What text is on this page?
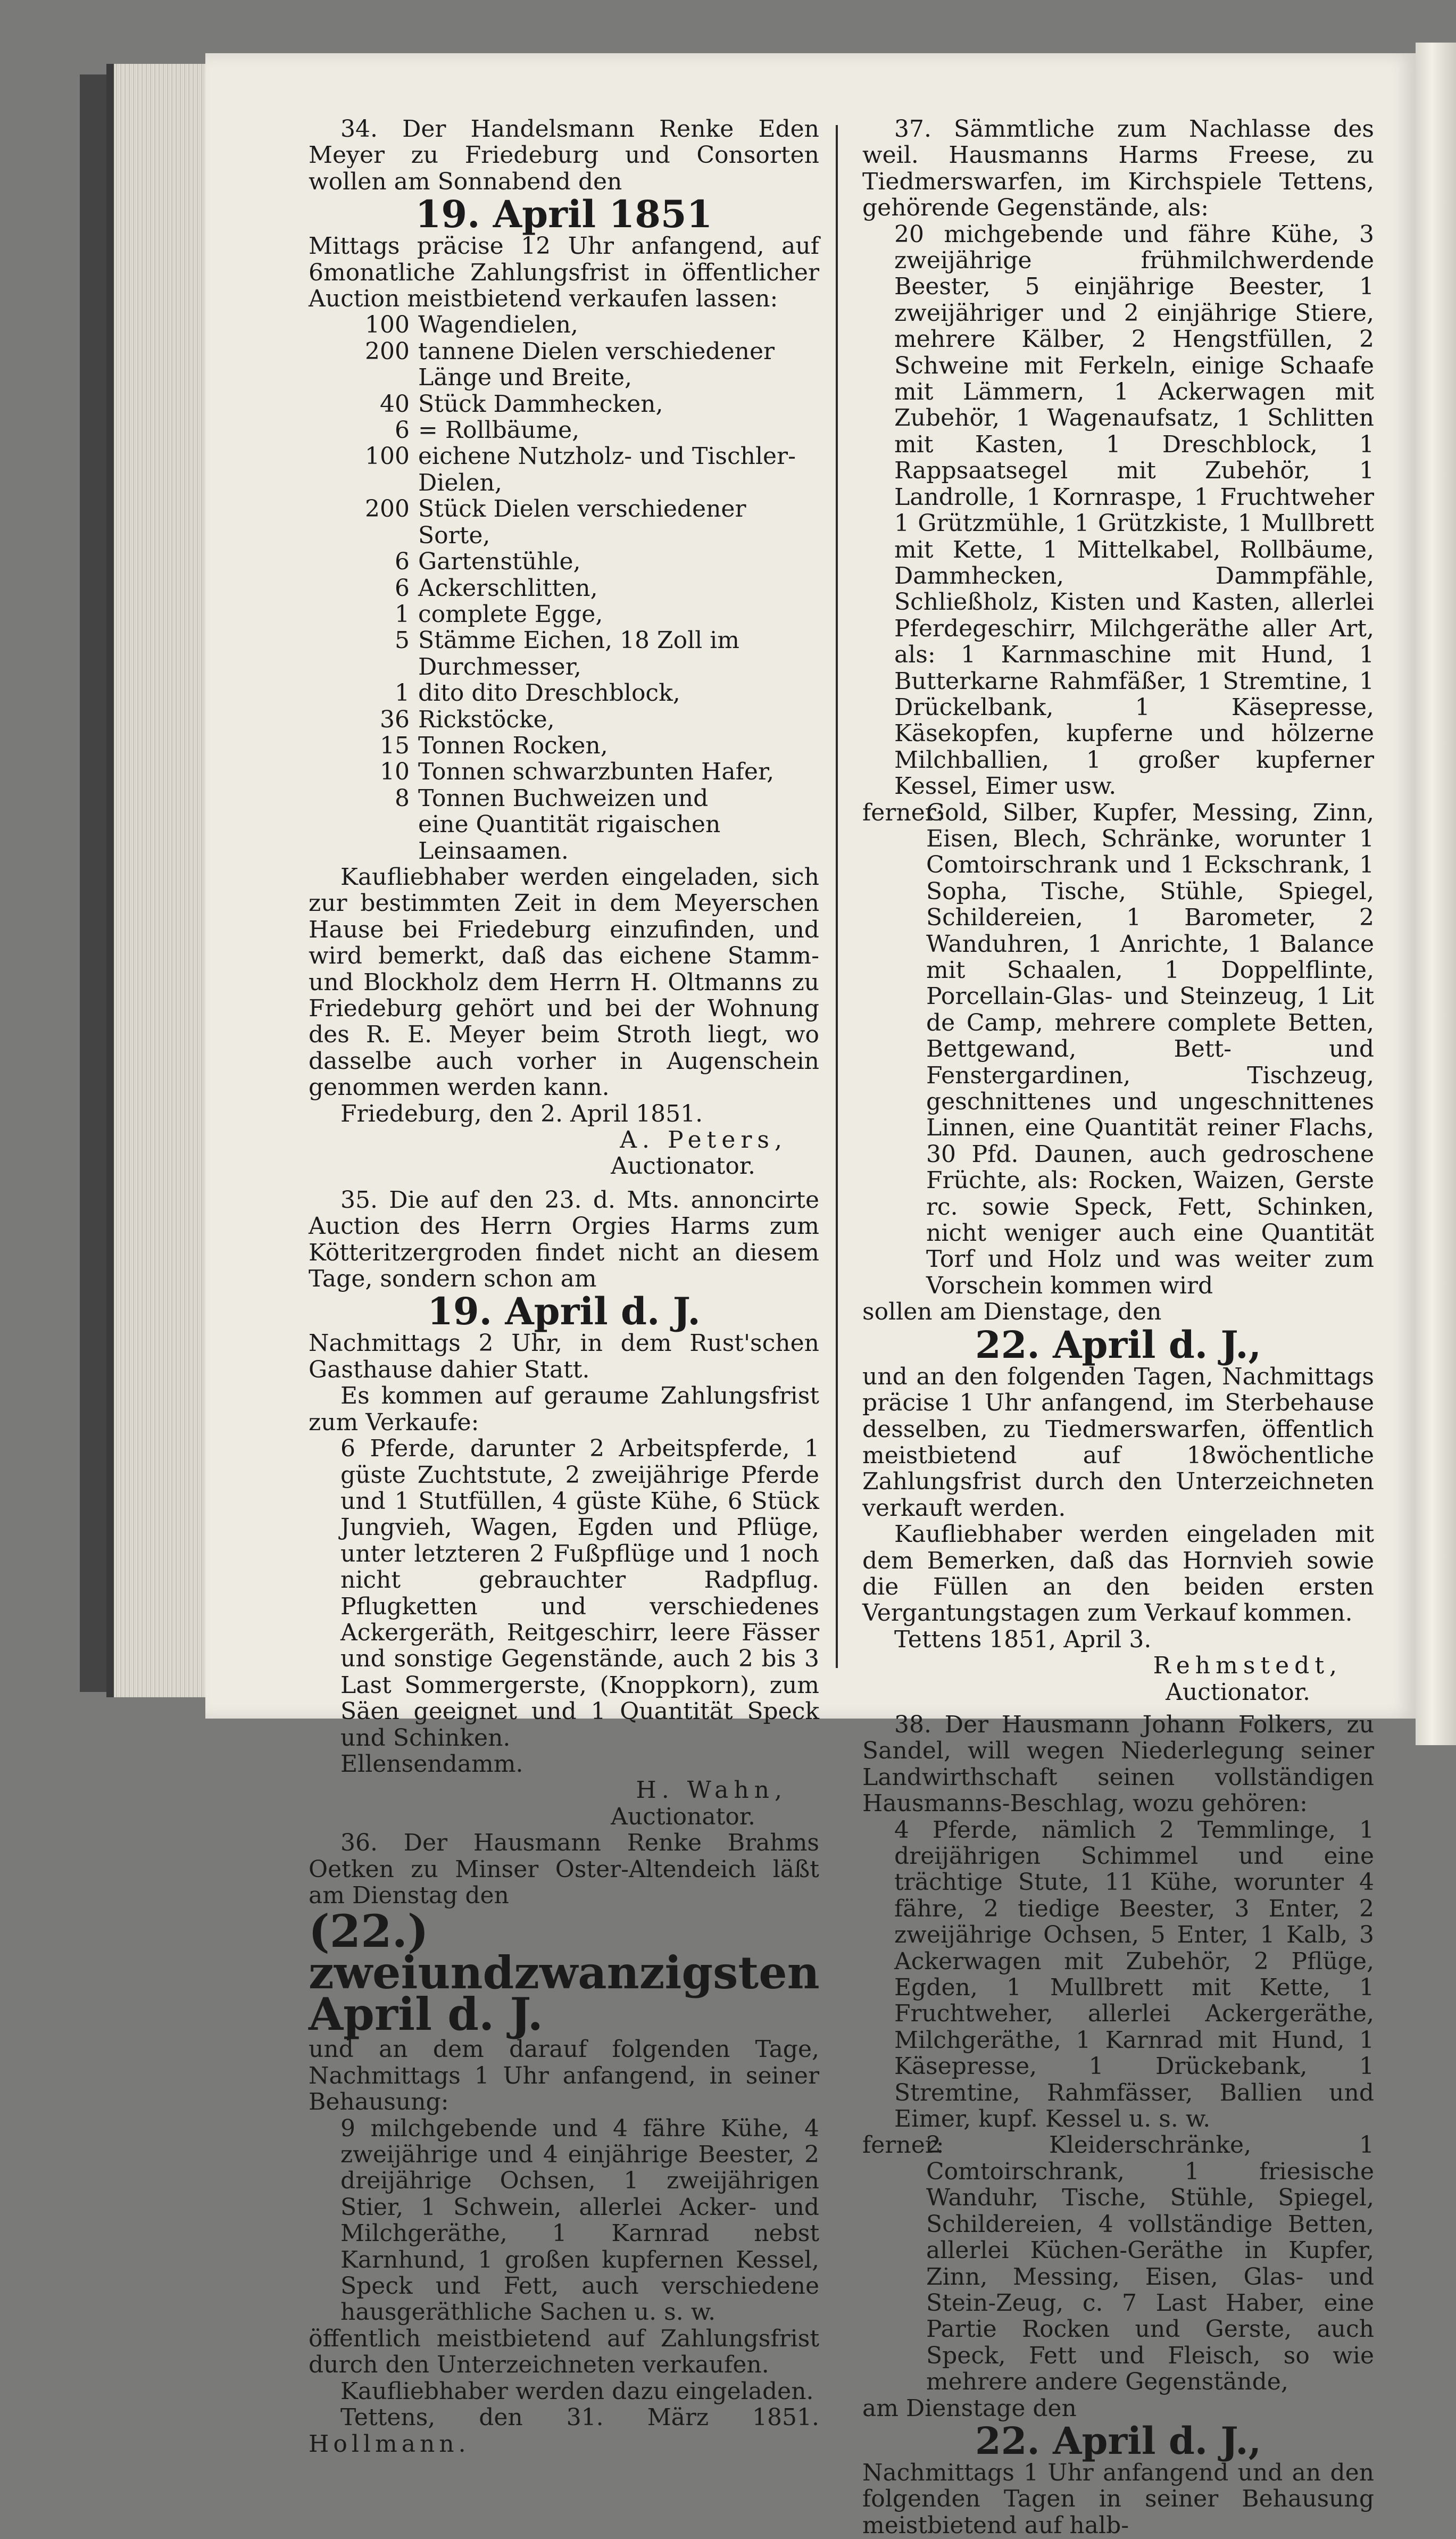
34. Der Handelsmann Renke Eden Meyer zu Friedeburg und Consorten wollen am Sonnabend den

19. April 1851

Mittags präcise 12 Uhr anfangend, auf 6monatliche Zahlungsfrist in öffentlicher Auction meistbietend verkaufen lassen:

100 Wagendielen,
200 tannene Dielen verschiedener Länge und Breite,
40 Stück Dammhecken,
6 = Rollbäume,
100 eichene Nutzholz- und Tischler-Dielen,
200 Stück Dielen verschiedener Sorte,
6 Gartenstühle,
6 Ackerschlitten,
1 complete Egge,
5 Stämme Eichen, 18 Zoll im Durchmesser,
1 dito dito Dreschblock,
36 Rickstöcke,
15 Tonnen Rocken,
10 Tonnen schwarzbunten Hafer,
8 Tonnen Buchweizen und
eine Quantität rigaischen Leinsaamen.

Kaufliebhaber werden eingeladen, sich zur bestimmten Zeit in dem Meyerschen Hause bei Friedeburg einzufinden, und wird bemerkt, daß das eichene Stamm- und Blockholz dem Herrn H. Oltmanns zu Friedeburg gehört und bei der Wohnung des R. E. Meyer beim Stroth liegt, wo dasselbe auch vorher in Augenschein genommen werden kann.

Friedeburg, den 2. April 1851.

A. Peters,

Auctionator.

35. Die auf den 23. d. Mts. annoncirte Auction des Herrn Orgies Harms zum Kötteritzergroden findet nicht an diesem Tage, sondern schon am

19. April d. J.

Nachmittags 2 Uhr, in dem Rust'schen Gasthause dahier Statt.

Es kommen auf geraume Zahlungsfrist zum Verkaufe:

6 Pferde, darunter 2 Arbeitspferde, 1 güste Zuchtstute, 2 zweijährige Pferde und 1 Stutfüllen, 4 güste Kühe, 6 Stück Jungvieh, Wagen, Egden und Pflüge, unter letzteren 2 Fußpflüge und 1 noch nicht gebrauchter Radpflug. Pflugketten und verschiedenes Ackergeräth, Reitgeschirr, leere Fässer und sonstige Gegenstände, auch 2 bis 3 Last Sommergerste, (Knoppkorn), zum Säen geeignet und 1 Quantität Speck und Schinken.

Ellensendamm.

H. Wahn,

Auctionator.

36. Der Hausmann Renke Brahms Oetken zu Minser Oster-Altendeich läßt am Dienstag den

(22.) zweiundzwanzigsten April d. J.

und an dem darauf folgenden Tage, Nachmittags 1 Uhr anfangend, in seiner Behausung:

9 milchgebende und 4 fähre Kühe, 4 zweijährige und 4 einjährige Beester, 2 dreijährige Ochsen, 1 zweijährigen Stier, 1 Schwein, allerlei Acker- und Milchgeräthe, 1 Karnrad nebst Karnhund, 1 großen kupfernen Kessel, Speck und Fett, auch verschiedene hausgeräthliche Sachen u. s. w.

öffentlich meistbietend auf Zahlungsfrist durch den Unterzeichneten verkaufen.

Kaufliebhaber werden dazu eingeladen.

Tettens, den 31. März 1851. Hollmann.

37. Sämmtliche zum Nachlasse des weil. Hausmanns Harms Freese, zu Tiedmerswarfen, im Kirchspiele Tettens, gehörende Gegenstände, als:

20 michgebende und fähre Kühe, 3 zweijährige frühmilchwerdende Beester, 5 einjährige Beester, 1 zweijähriger und 2 einjährige Stiere, mehrere Kälber, 2 Hengstfüllen, 2 Schweine mit Ferkeln, einige Schaafe mit Lämmern, 1 Ackerwagen mit Zubehör, 1 Wagenaufsatz, 1 Schlitten mit Kasten, 1 Dreschblock, 1 Rappsaatsegel mit Zubehör, 1 Landrolle, 1 Kornraspe, 1 Fruchtweher 1 Grützmühle, 1 Grützkiste, 1 Mullbrett mit Kette, 1 Mittelkabel, Rollbäume, Dammhecken, Dammpfähle, Schließholz, Kisten und Kasten, allerlei Pferdegeschirr, Milchgeräthe aller Art, als: 1 Karnmaschine mit Hund, 1 Butterkarne Rahmfäßer, 1 Stremtine, 1 Drückelbank, 1 Käsepresse, Käsekopfen, kupferne und hölzerne Milchballien, 1 großer kupferner Kessel, Eimer usw.

ferner:
Gold, Silber, Kupfer, Messing, Zinn, Eisen, Blech, Schränke, worunter 1 Comtoirschrank und 1 Eckschrank, 1 Sopha, Tische, Stühle, Spiegel, Schildereien, 1 Barometer, 2 Wanduhren, 1 Anrichte, 1 Balance mit Schaalen, 1 Doppelflinte, Porcellain-Glas- und Steinzeug, 1 Lit de Camp, mehrere complete Betten, Bettgewand, Bett- und Fenstergardinen, Tischzeug, geschnittenes und ungeschnittenes Linnen, eine Quantität reiner Flachs, 30 Pfd. Daunen, auch gedroschene Früchte, als: Rocken, Waizen, Gerste rc. sowie Speck, Fett, Schinken, nicht weniger auch eine Quantität Torf und Holz und was weiter zum Vorschein kommen wird

sollen am Dienstage, den

22. April d. J.,

und an den folgenden Tagen, Nachmittags präcise 1 Uhr anfangend, im Sterbehause desselben, zu Tiedmerswarfen, öffentlich meistbietend auf 18wöchentliche Zahlungsfrist durch den Unterzeichneten verkauft werden.

Kaufliebhaber werden eingeladen mit dem Bemerken, daß das Hornvieh sowie die Füllen an den beiden ersten Vergantungstagen zum Verkauf kommen.

Tettens 1851, April 3.

Rehmstedt,

Auctionator.

38. Der Hausmann Johann Folkers, zu Sandel, will wegen Niederlegung seiner Landwirthschaft seinen vollständigen Hausmanns-Beschlag, wozu gehören:

4 Pferde, nämlich 2 Temmlinge, 1 dreijährigen Schimmel und eine trächtige Stute, 11 Kühe, worunter 4 fähre, 2 tiedige Beester, 3 Enter, 2 zweijährige Ochsen, 5 Enter, 1 Kalb, 3 Ackerwagen mit Zubehör, 2 Pflüge, Egden, 1 Mullbrett mit Kette, 1 Fruchtweher, allerlei Ackergeräthe, Milchgeräthe, 1 Karnrad mit Hund, 1 Käsepresse, 1 Drückebank, 1 Stremtine, Rahmfässer, Ballien und Eimer, kupf. Kessel u. s. w.

ferner:
2 Kleiderschränke, 1 Comtoirschrank, 1 friesische Wanduhr, Tische, Stühle, Spiegel, Schildereien, 4 vollständige Betten, allerlei Küchen-Geräthe in Kupfer, Zinn, Messing, Eisen, Glas- und Stein-Zeug, c. 7 Last Haber, eine Partie Rocken und Gerste, auch Speck, Fett und Fleisch, so wie mehrere andere Gegenstände,

am Dienstage den

22. April d. J.,

Nachmittags 1 Uhr anfangend und an den folgenden Tagen in seiner Behausung meistbietend auf halb-
